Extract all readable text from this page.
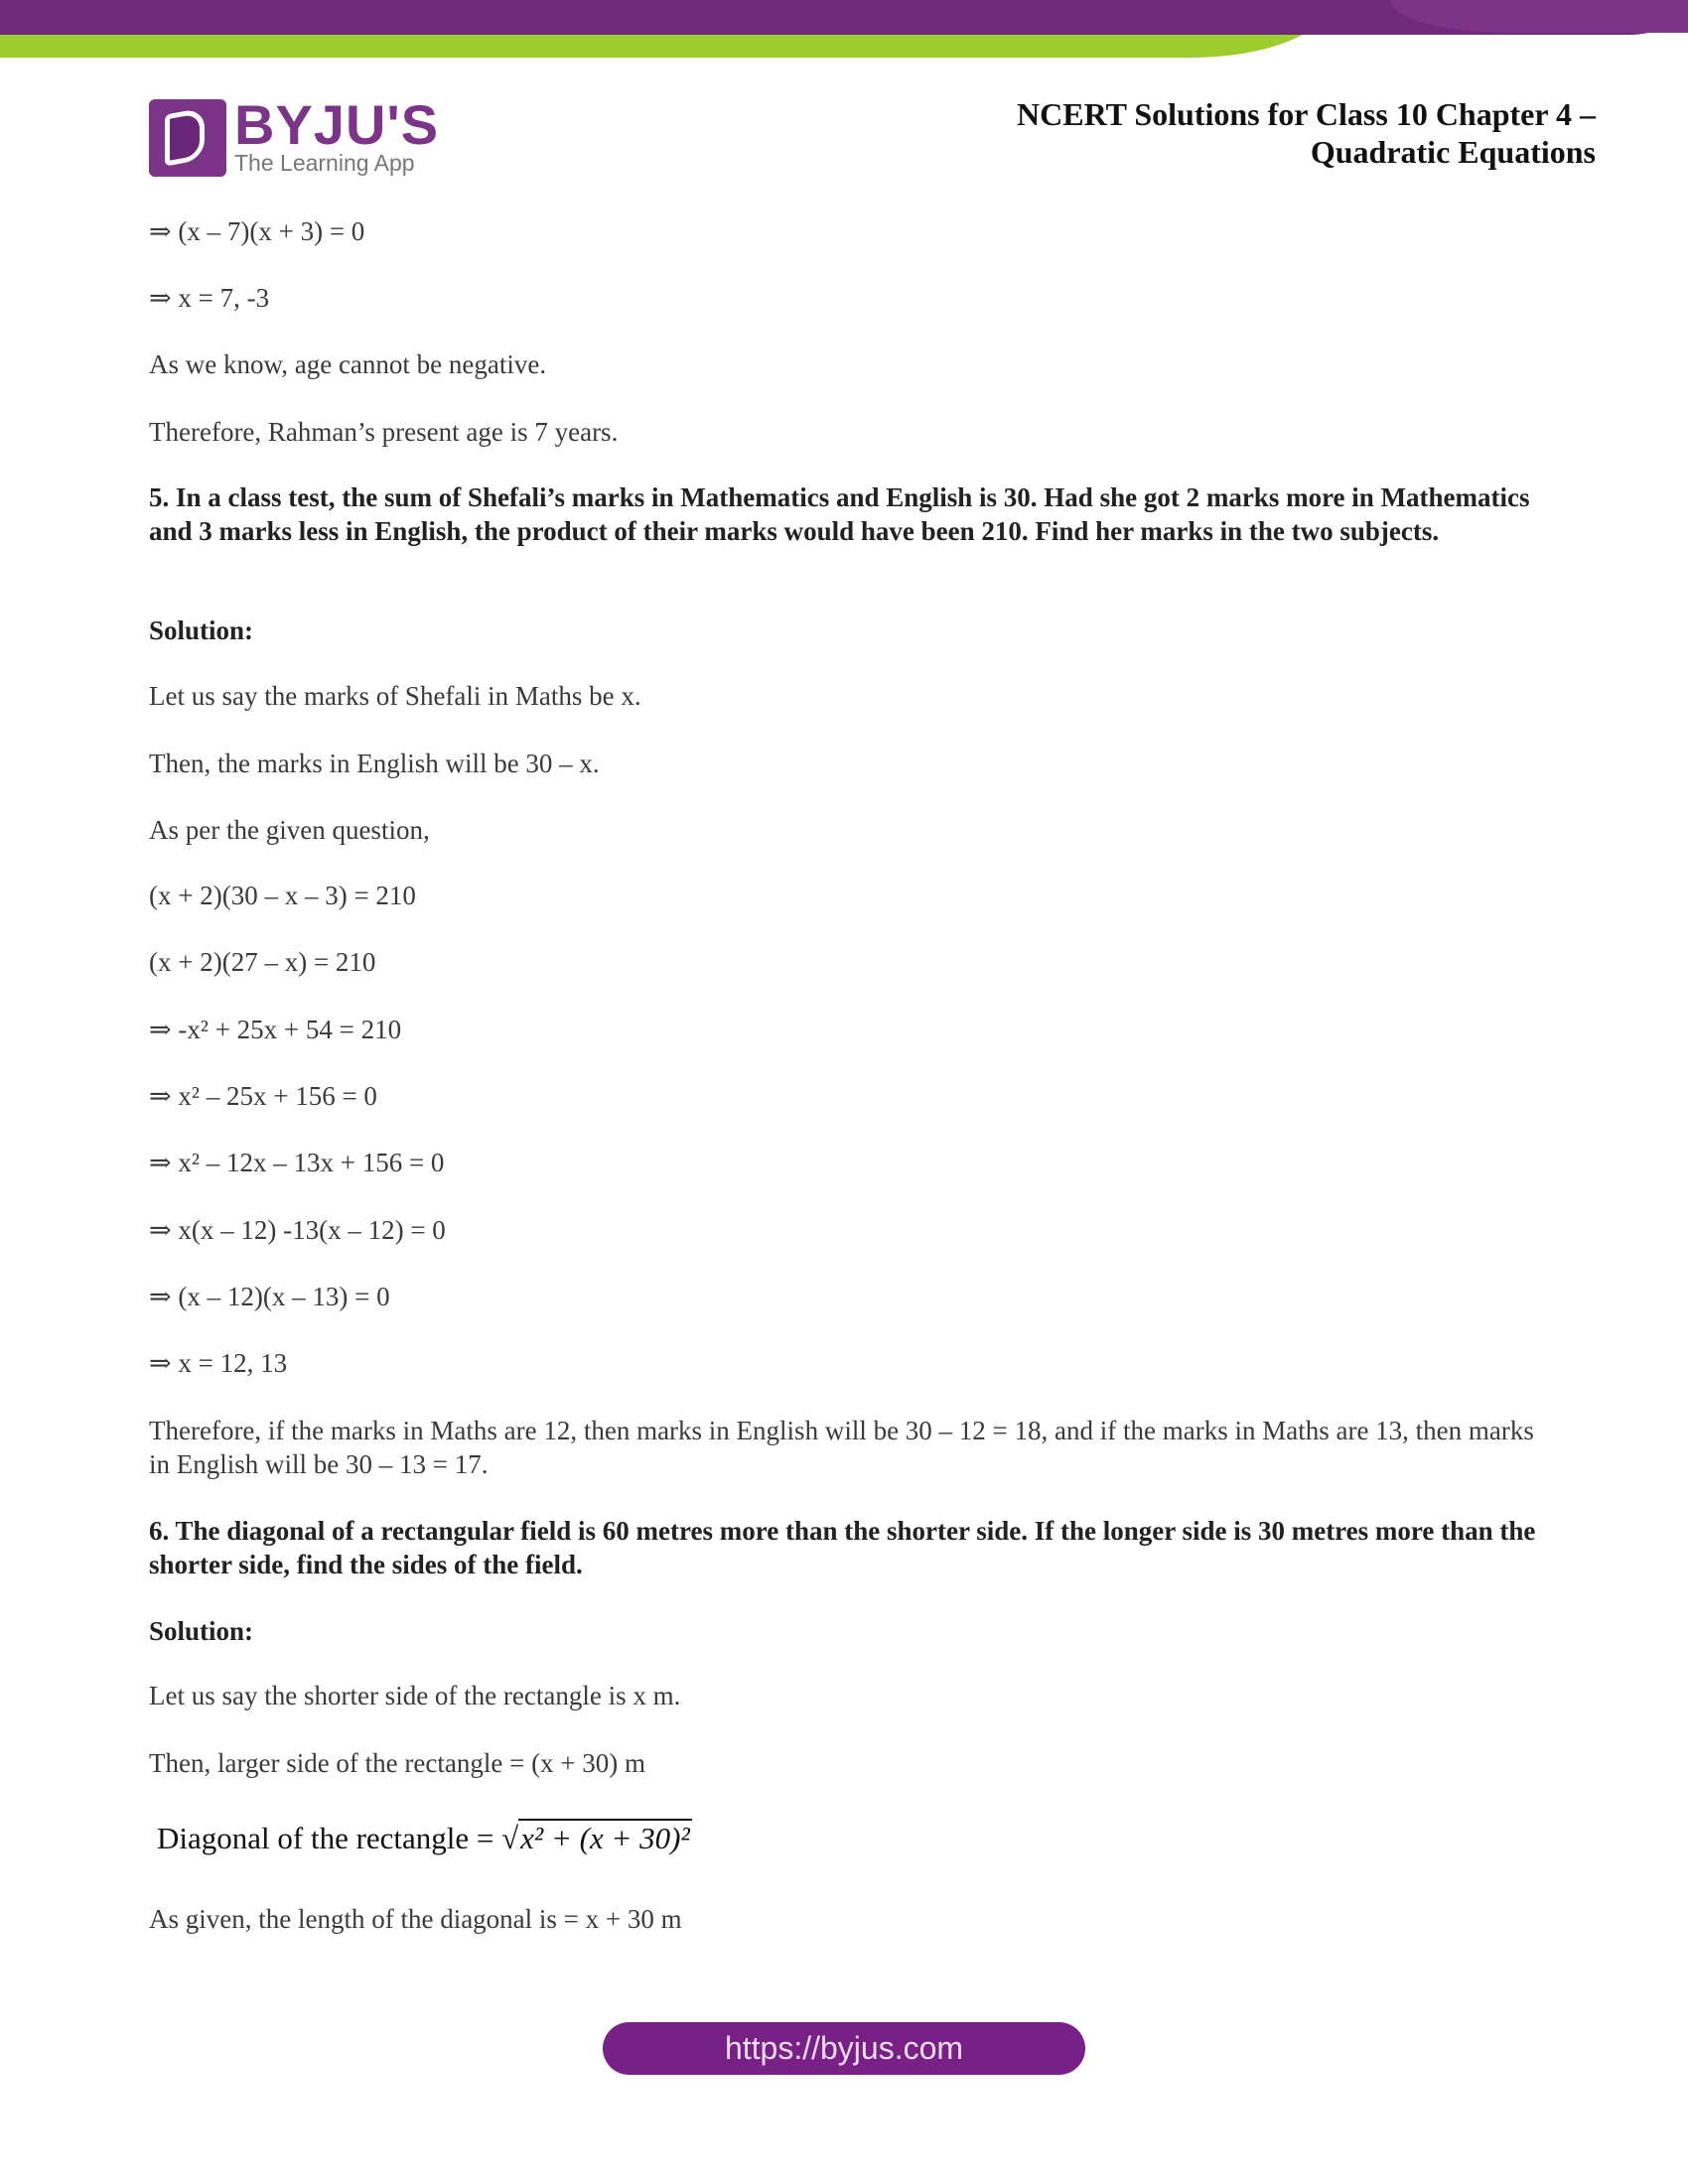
BYJU'S
The Learning App
NCERT Solutions for Class 10 Chapter 4 –
Quadratic Equations
⇒ (x – 7)(x + 3) = 0
⇒ x = 7, -3
As we know, age cannot be negative.
Therefore, Rahman’s present age is 7 years.
5. In a class test, the sum of Shefali’s marks in Mathematics and English is 30. Had she got 2 marks more in Mathematics and 3 marks less in English, the product of their marks would have been 210. Find her marks in the two subjects.
Solution:
Let us say the marks of Shefali in Maths be x.
Then, the marks in English will be 30 – x.
As per the given question,
(x + 2)(30 – x – 3) = 210
(x + 2)(27 – x) = 210
⇒ -x² + 25x + 54 = 210
⇒ x² – 25x + 156 = 0
⇒ x² – 12x – 13x + 156 = 0
⇒ x(x – 12) -13(x – 12) = 0
⇒ (x – 12)(x – 13) = 0
⇒ x = 12, 13
Therefore, if the marks in Maths are 12, then marks in English will be 30 – 12 = 18, and if the marks in Maths are 13, then marks in English will be 30 – 13 = 17.
6. The diagonal of a rectangular field is 60 metres more than the shorter side. If the longer side is 30 metres more than the shorter side, find the sides of the field.
Solution:
Let us say the shorter side of the rectangle is x m.
Then, larger side of the rectangle = (x + 30) m
Diagonal of the rectangle = √x² + (x + 30)²
As given, the length of the diagonal is = x + 30 m
https://byjus.com
